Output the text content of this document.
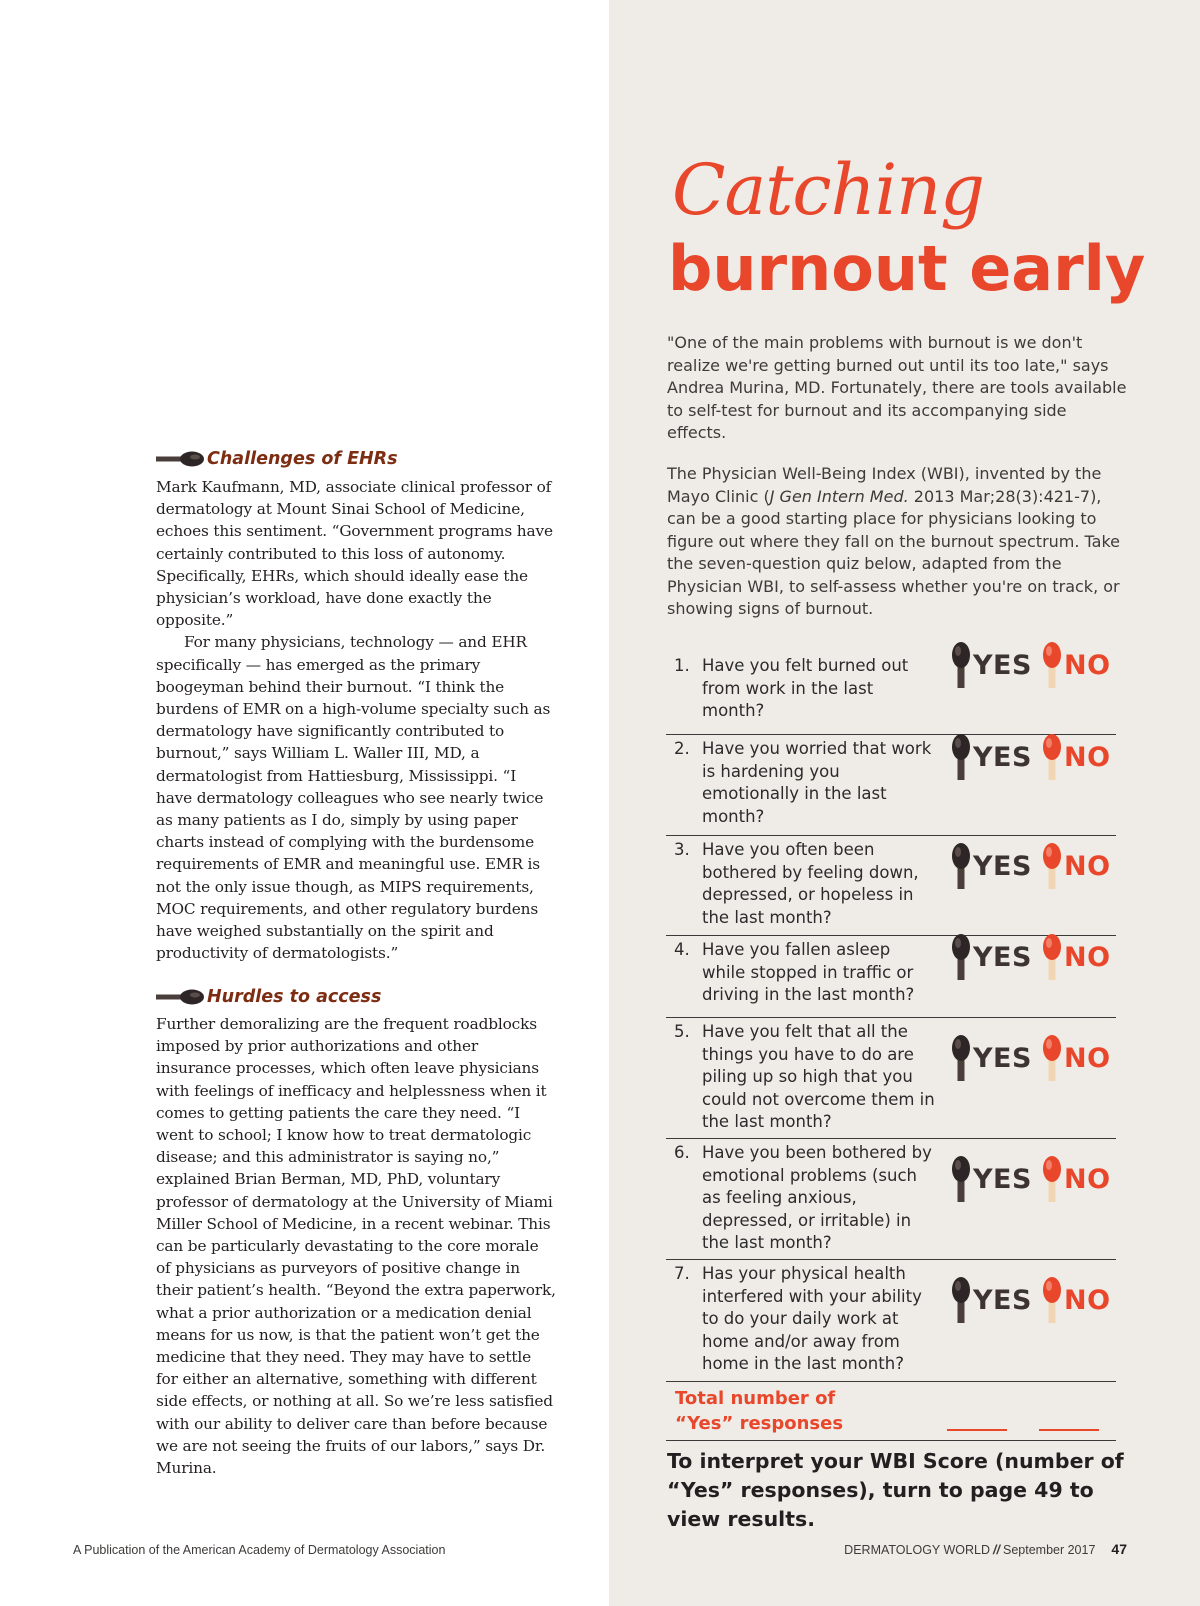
Catching
burnout early

"One of the main problems with burnout is we don't realize we're getting burned out until its too late," says Andrea Murina, MD. Fortunately, there are tools available to self-test for burnout and its accompanying side effects.

The Physician Well-Being Index (WBI), invented by the Mayo Clinic (J Gen Intern Med. 2013 Mar;28(3):421-7), can be a good starting place for physicians looking to figure out where they fall on the burnout spectrum. Take the seven-question quiz below, adapted from the Physician WBI, to self-assess whether you're on track, or showing signs of burnout.

1. Have you felt burned out from work in the last month?
YES NO
2. Have you worried that work is hardening you emotionally in the last month?
YES NO
3. Have you often been bothered by feeling down, depressed, or hopeless in the last month?
YES NO
4. Have you fallen asleep while stopped in traffic or driving in the last month?
YES NO
5. Have you felt that all the things you have to do are piling up so high that you could not overcome them in the last month?
YES NO
6. Have you been bothered by emotional problems (such as feeling anxious, depressed, or irritable) in the last month?
YES NO
7. Has your physical health interfered with your ability to do your daily work at home and/or away from home in the last month?
YES NO
Total number of
“Yes” responses

To interpret your WBI Score (number of “Yes” responses), turn to page 49 to view results.

Challenges of EHRs

Mark Kaufmann, MD, associate clinical professor of dermatology at Mount Sinai School of Medicine, echoes this sentiment. “Government programs have certainly contributed to this loss of autonomy. Specifically, EHRs, which should ideally ease the physician’s workload, have done exactly the opposite.”

For many physicians, technology — and EHR specifically — has emerged as the primary boogeyman behind their burnout. “I think the burdens of EMR on a high-volume specialty such as dermatology have significantly contributed to burnout,” says William L. Waller III, MD, a dermatologist from Hattiesburg, Mississippi. “I have dermatology colleagues who see nearly twice as many patients as I do, simply by using paper charts instead of complying with the burdensome requirements of EMR and meaningful use. EMR is not the only issue though, as MIPS requirements, MOC requirements, and other regulatory burdens have weighed substantially on the spirit and productivity of dermatologists.”

Hurdles to access

Further demoralizing are the frequent roadblocks imposed by prior authorizations and other insurance processes, which often leave physicians with feelings of inefficacy and helplessness when it comes to getting patients the care they need. “I went to school; I know how to treat dermatologic disease; and this administrator is saying no,” explained Brian Berman, MD, PhD, voluntary professor of dermatology at the University of Miami Miller School of Medicine, in a recent webinar. This can be particularly devastating to the core morale of physicians as purveyors of positive change in their patient’s health. “Beyond the extra paperwork, what a prior authorization or a medication denial means for us now, is that the patient won’t get the medicine that they need. They may have to settle for either an alternative, something with different side effects, or nothing at all. So we’re less satisfied with our ability to deliver care than before because we are not seeing the fruits of our labors,” says Dr. Murina.

A Publication of the American Academy of Dermatology Association	DERMATOLOGY WORLD // September 2017 47
